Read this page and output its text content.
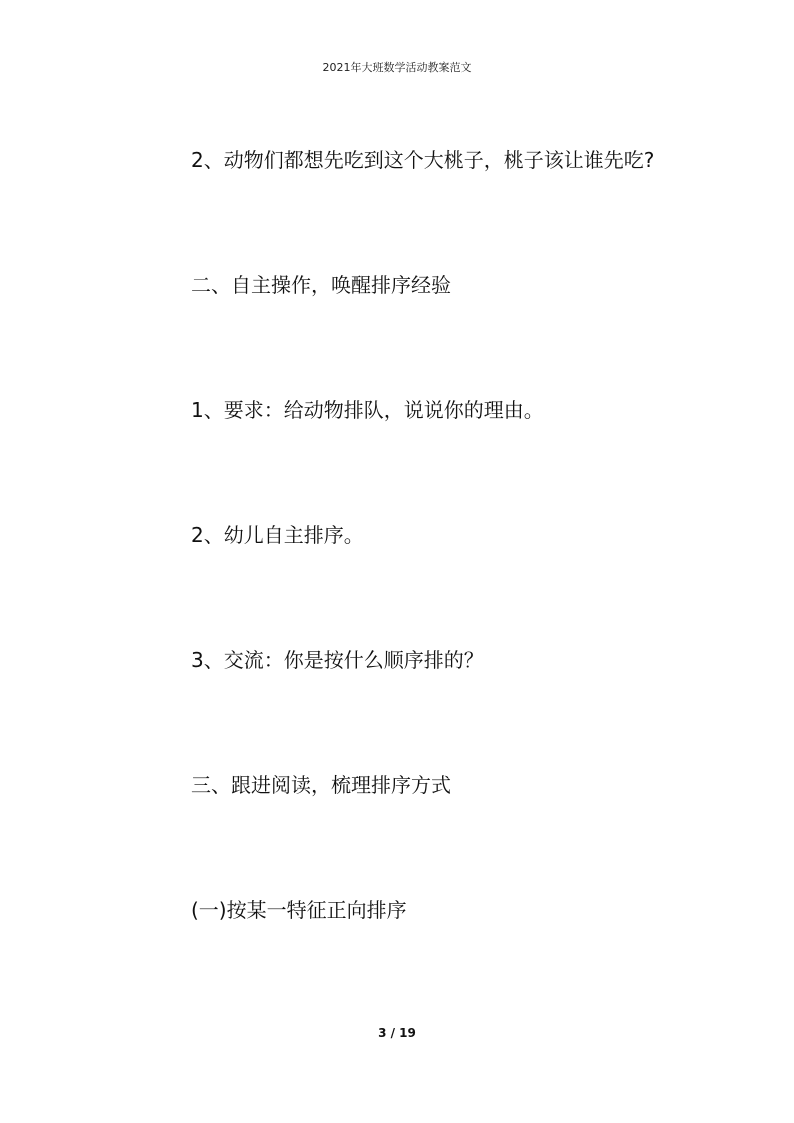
2021年大班数学活动教案范文
2、动物们都想先吃到这个大桃子，桃子该让谁先吃?
二、自主操作，唤醒排序经验
1、要求：给动物排队，说说你的理由。
2、幼儿自主排序。
3、交流：你是按什么顺序排的？
三、跟进阅读，梳理排序方式
(一)按某一特征正向排序
3 / 19
